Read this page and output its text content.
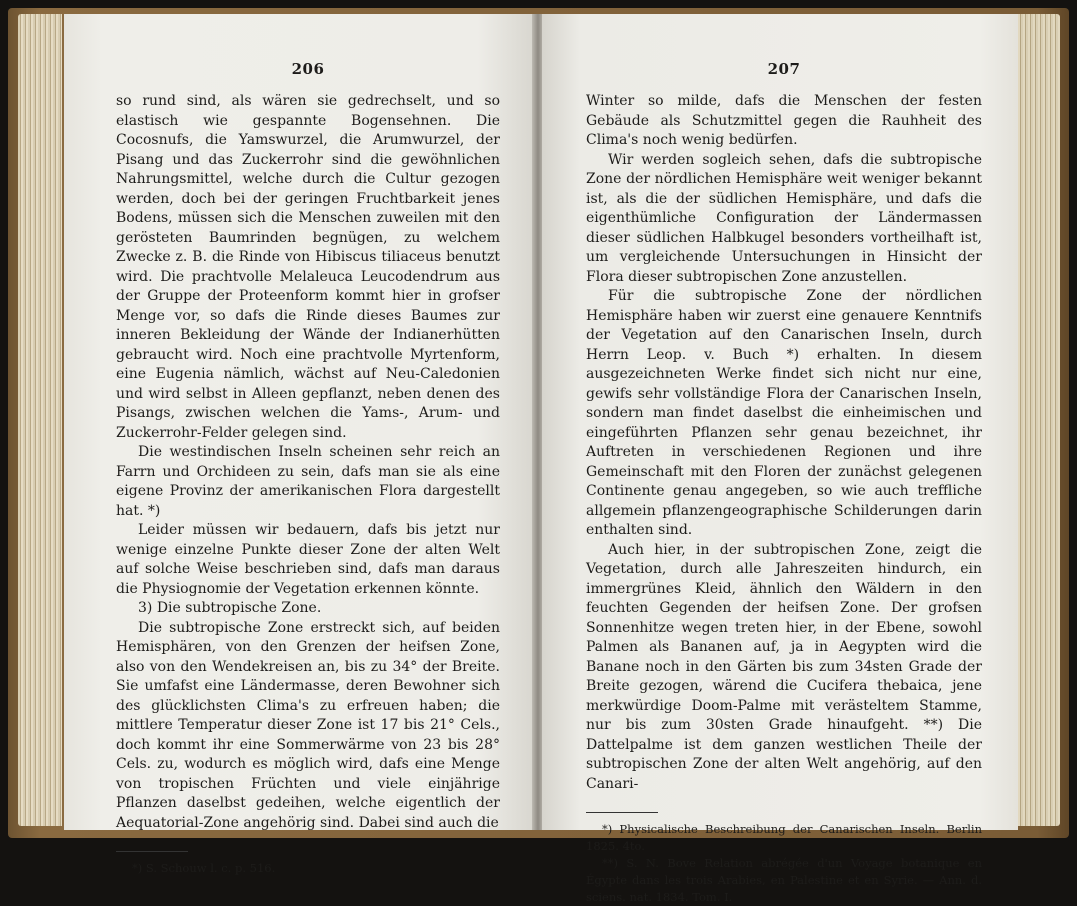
206

so rund sind, als wären sie gedrechselt, und so elastisch wie gespannte Bogensehnen. Die Cocosnufs, die Yamswurzel, die Arumwurzel, der Pisang und das Zuckerrohr sind die gewöhnlichen Nahrungsmittel, welche durch die Cultur gezogen werden, doch bei der geringen Fruchtbarkeit jenes Bodens, müssen sich die Menschen zuweilen mit den gerösteten Baumrinden begnügen, zu welchem Zwecke z. B. die Rinde von Hibiscus tiliaceus benutzt wird. Die prachtvolle Melaleuca Leucodendrum aus der Gruppe der Proteenform kommt hier in grofser Menge vor, so dafs die Rinde dieses Baumes zur inneren Bekleidung der Wände der Indianerhütten gebraucht wird. Noch eine prachtvolle Myrtenform, eine Eugenia nämlich, wächst auf Neu-Caledonien und wird selbst in Alleen gepflanzt, neben denen des Pisangs, zwischen welchen die Yams-, Arum- und Zuckerrohr-Felder gelegen sind.

Die westindischen Inseln scheinen sehr reich an Farrn und Orchideen zu sein, dafs man sie als eine eigene Provinz der amerikanischen Flora dargestellt hat. *)

Leider müssen wir bedauern, dafs bis jetzt nur wenige einzelne Punkte dieser Zone der alten Welt auf solche Weise beschrieben sind, dafs man daraus die Physiognomie der Vegetation erkennen könnte.

3) Die subtropische Zone.

Die subtropische Zone erstreckt sich, auf beiden Hemisphären, von den Grenzen der heifsen Zone, also von den Wendekreisen an, bis zu 34° der Breite. Sie umfafst eine Ländermasse, deren Bewohner sich des glücklichsten Clima's zu erfreuen haben; die mittlere Temperatur dieser Zone ist 17 bis 21° Cels., doch kommt ihr eine Sommerwärme von 23 bis 28° Cels. zu, wodurch es möglich wird, dafs eine Menge von tropischen Früchten und viele einjährige Pflanzen daselbst gedeihen, welche eigentlich der Aequatorial-Zone angehörig sind. Dabei sind auch die

*) S. Schouw l. c. p. 516.

207

Winter so milde, dafs die Menschen der festen Gebäude als Schutzmittel gegen die Rauhheit des Clima's noch wenig bedürfen.

Wir werden sogleich sehen, dafs die subtropische Zone der nördlichen Hemisphäre weit weniger bekannt ist, als die der südlichen Hemisphäre, und dafs die eigenthümliche Configuration der Ländermassen dieser südlichen Halbkugel besonders vortheilhaft ist, um vergleichende Untersuchungen in Hinsicht der Flora dieser subtropischen Zone anzustellen.

Für die subtropische Zone der nördlichen Hemisphäre haben wir zuerst eine genauere Kenntnifs der Vegetation auf den Canarischen Inseln, durch Herrn Leop. v. Buch *) erhalten. In diesem ausgezeichneten Werke findet sich nicht nur eine, gewifs sehr vollständige Flora der Canarischen Inseln, sondern man findet daselbst die einheimischen und eingeführten Pflanzen sehr genau bezeichnet, ihr Auftreten in verschiedenen Regionen und ihre Gemeinschaft mit den Floren der zunächst gelegenen Continente genau angegeben, so wie auch treffliche allgemein pflanzengeographische Schilderungen darin enthalten sind.

Auch hier, in der subtropischen Zone, zeigt die Vegetation, durch alle Jahreszeiten hindurch, ein immergrünes Kleid, ähnlich den Wäldern in den feuchten Gegenden der heifsen Zone. Der grofsen Sonnenhitze wegen treten hier, in der Ebene, sowohl Palmen als Bananen auf, ja in Aegypten wird die Banane noch in den Gärten bis zum 34sten Grade der Breite gezogen, wärend die Cucifera thebaica, jene merkwürdige Doom-Palme mit verästeltem Stamme, nur bis zum 30sten Grade hinaufgeht. **) Die Dattelpalme ist dem ganzen westlichen Theile der subtropischen Zone der alten Welt angehörig, auf den Canari-

*) Physicalische Beschreibung der Canarischen Inseln. Berlin 1825. 4to.

**) S. N. Bove Relation abrégée d'un Voyage botanique en Égypte dans les trois Arabies, en Palestine et en Syrie. — Ann. d. sciens. nat. 1834. Tom. I.
